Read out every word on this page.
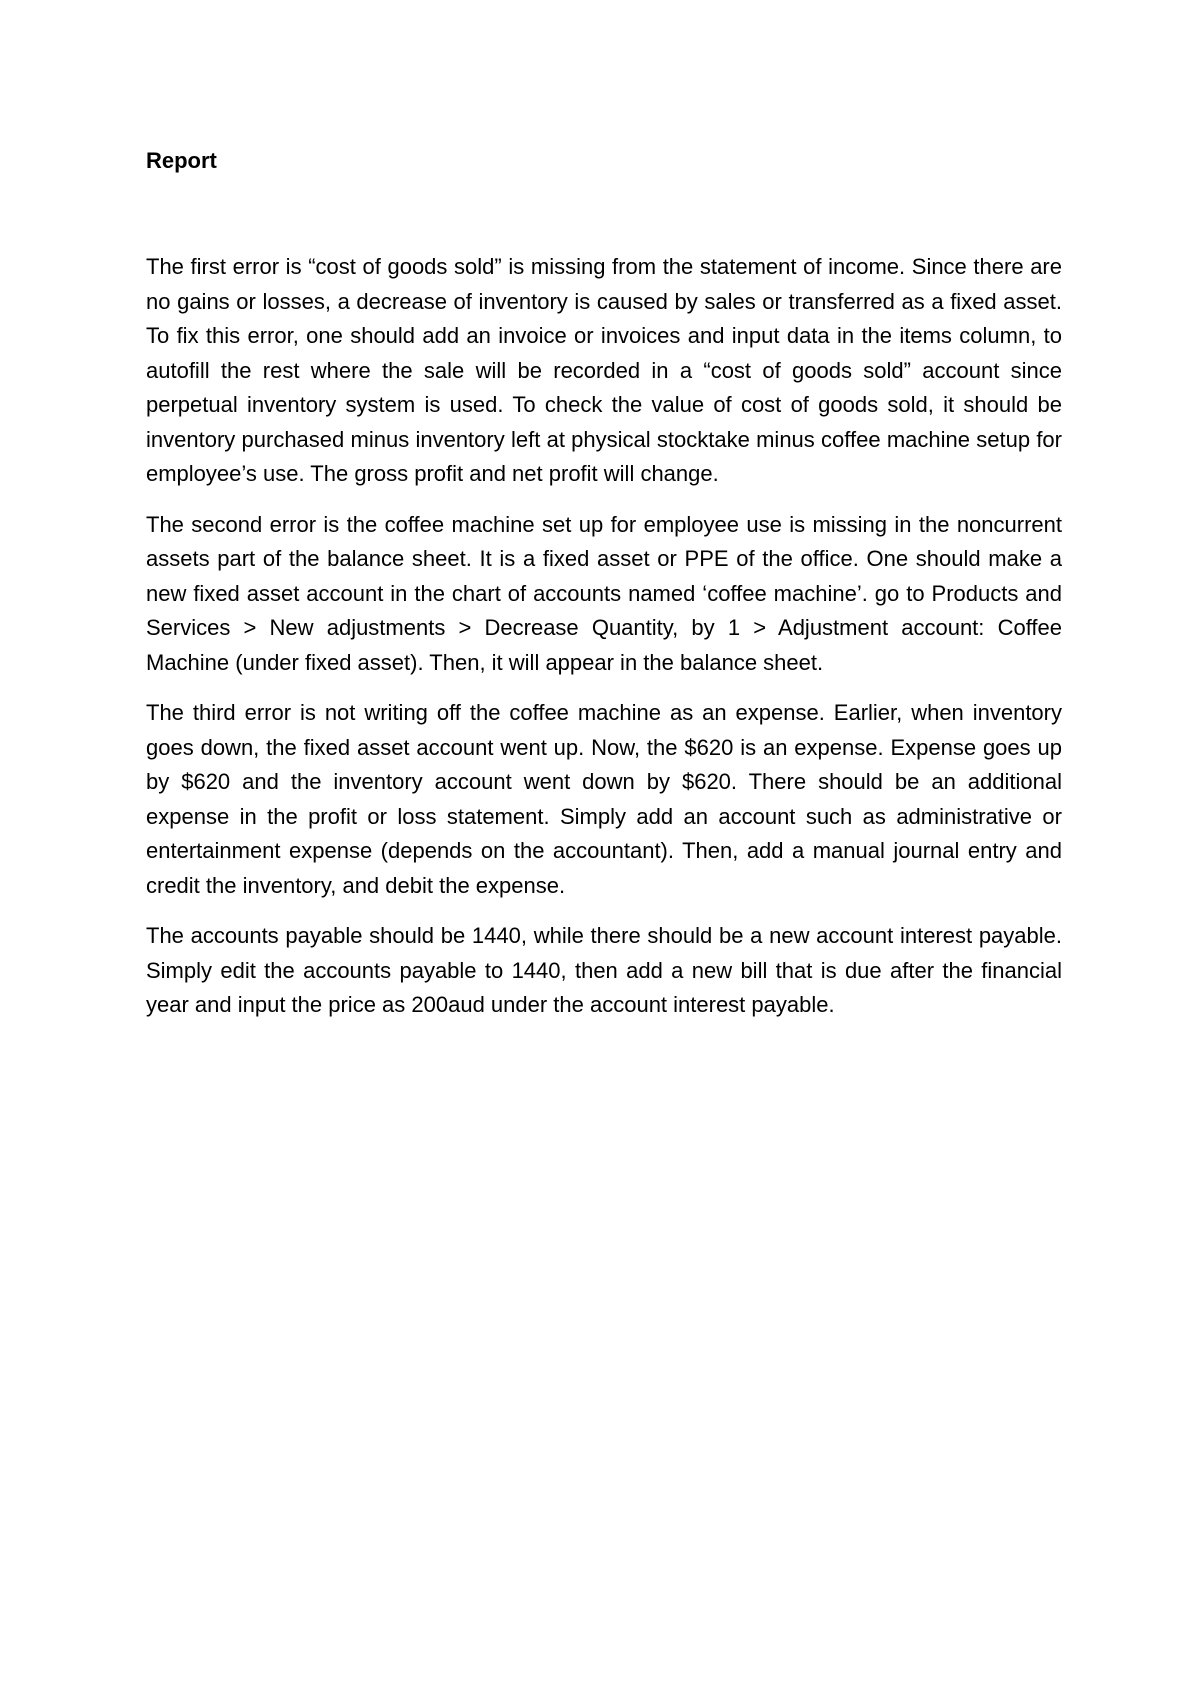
Report

The first error is “cost of goods sold” is missing from the statement of income. Since there are no gains or losses, a decrease of inventory is caused by sales or transferred as a fixed asset. To fix this error, one should add an invoice or invoices and input data in the items column, to autofill the rest where the sale will be recorded in a “cost of goods sold” account since perpetual inventory system is used. To check the value of cost of goods sold, it should be inventory purchased minus inventory left at physical stocktake minus coffee machine setup for employee’s use. The gross profit and net profit will change.

The second error is the coffee machine set up for employee use is missing in the noncurrent assets part of the balance sheet. It is a fixed asset or PPE of the office. One should make a new fixed asset account in the chart of accounts named ‘coffee machine’. go to Products and Services > New adjustments > Decrease Quantity, by 1 > Adjustment account: Coffee Machine (under fixed asset). Then, it will appear in the balance sheet.

The third error is not writing off the coffee machine as an expense. Earlier, when inventory goes down, the fixed asset account went up. Now, the $620 is an expense. Expense goes up by $620 and the inventory account went down by $620. There should be an additional expense in the profit or loss statement. Simply add an account such as administrative or entertainment expense (depends on the accountant). Then, add a manual journal entry and credit the inventory, and debit the expense.

The accounts payable should be 1440, while there should be a new account interest payable. Simply edit the accounts payable to 1440, then add a new bill that is due after the financial year and input the price as 200aud under the account interest payable.
